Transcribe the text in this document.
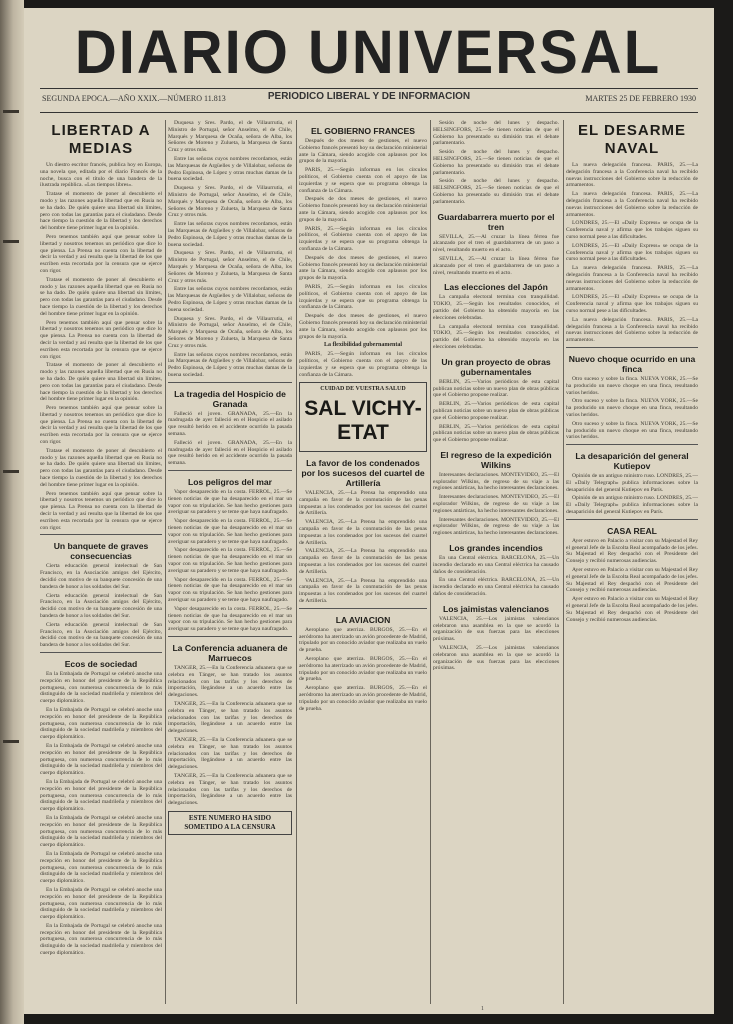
DIARIO UNIVERSAL
SEGUNDA EPOCA.—AÑO XXIX.—NÚMERO 11.813	PERIODICO LIBERAL Y DE INFORMACION	MARTES 25 DE FEBRERO 1930
LIBERTAD A MEDIAS

Un diestro escritor francés, publica hoy en Europa, una novela que, editada por el diario Francés de la noche, busca con el título de una bandera de la ilustrada república. «Los tiempos libres».

Tratase el momento de poner al descubierto el modo y las razones aquella libertad que en Rusia no se ha dado. De quién quiere una libertad sin límites, pero con todas las garantías para el ciudadano. Desde hace tiempo la cuestión de la libertad y los derechos del hombre tiene primer lugar en la opinión.

Pero tenemos también aquí que pensar sobre la libertad y nosotros tenemos un periódico que dice lo que piensa. La Prensa no cuenta con la libertad de decir la verdad y así resulta que la libertad de los que escriben esta recortada por la censura que se ejerce con rigor.

Tratase el momento de poner al descubierto el modo y las razones aquella libertad que en Rusia no se ha dado. De quién quiere una libertad sin límites, pero con todas las garantías para el ciudadano. Desde hace tiempo la cuestión de la libertad y los derechos del hombre tiene primer lugar en la opinión.

Pero tenemos también aquí que pensar sobre la libertad y nosotros tenemos un periódico que dice lo que piensa. La Prensa no cuenta con la libertad de decir la verdad y así resulta que la libertad de los que escriben esta recortada por la censura que se ejerce con rigor.

Tratase el momento de poner al descubierto el modo y las razones aquella libertad que en Rusia no se ha dado. De quién quiere una libertad sin límites, pero con todas las garantías para el ciudadano. Desde hace tiempo la cuestión de la libertad y los derechos del hombre tiene primer lugar en la opinión.

Pero tenemos también aquí que pensar sobre la libertad y nosotros tenemos un periódico que dice lo que piensa. La Prensa no cuenta con la libertad de decir la verdad y así resulta que la libertad de los que escriben esta recortada por la censura que se ejerce con rigor.

Tratase el momento de poner al descubierto el modo y las razones aquella libertad que en Rusia no se ha dado. De quién quiere una libertad sin límites, pero con todas las garantías para el ciudadano. Desde hace tiempo la cuestión de la libertad y los derechos del hombre tiene primer lugar en la opinión.

Pero tenemos también aquí que pensar sobre la libertad y nosotros tenemos un periódico que dice lo que piensa. La Prensa no cuenta con la libertad de decir la verdad y así resulta que la libertad de los que escriben esta recortada por la censura que se ejerce con rigor.

Un banquete de graves consecuencias

Cierta educación general intelectual de San Francisco, en la Asociación amigos del Ejército, decidió con motivo de su banquete concesión de una bandera de honor a los soldados del Sur.

Cierta educación general intelectual de San Francisco, en la Asociación amigos del Ejército, decidió con motivo de su banquete concesión de una bandera de honor a los soldados del Sur.

Cierta educación general intelectual de San Francisco, en la Asociación amigos del Ejército, decidió con motivo de su banquete concesión de una bandera de honor a los soldados del Sur.

Ecos de sociedad

En la Embajada de Portugal se celebró anoche una recepción en honor del presidente de la República portuguesa, con numerosa concurrencia de lo más distinguido de la sociedad madrileña y miembros del cuerpo diplomático.

En la Embajada de Portugal se celebró anoche una recepción en honor del presidente de la República portuguesa, con numerosa concurrencia de lo más distinguido de la sociedad madrileña y miembros del cuerpo diplomático.

En la Embajada de Portugal se celebró anoche una recepción en honor del presidente de la República portuguesa, con numerosa concurrencia de lo más distinguido de la sociedad madrileña y miembros del cuerpo diplomático.

En la Embajada de Portugal se celebró anoche una recepción en honor del presidente de la República portuguesa, con numerosa concurrencia de lo más distinguido de la sociedad madrileña y miembros del cuerpo diplomático.

En la Embajada de Portugal se celebró anoche una recepción en honor del presidente de la República portuguesa, con numerosa concurrencia de lo más distinguido de la sociedad madrileña y miembros del cuerpo diplomático.

En la Embajada de Portugal se celebró anoche una recepción en honor del presidente de la República portuguesa, con numerosa concurrencia de lo más distinguido de la sociedad madrileña y miembros del cuerpo diplomático.

En la Embajada de Portugal se celebró anoche una recepción en honor del presidente de la República portuguesa, con numerosa concurrencia de lo más distinguido de la sociedad madrileña y miembros del cuerpo diplomático.

En la Embajada de Portugal se celebró anoche una recepción en honor del presidente de la República portuguesa, con numerosa concurrencia de lo más distinguido de la sociedad madrileña y miembros del cuerpo diplomático.

Duquesa y Sres. Pardo, el de Villaurrutia, el Ministro de Portugal, señor Anselmo, el de Chile, Marqués y Marquesa de Ocaña, señora de Alba, los Señores de Moreno y Zulueta, la Marquesa de Santa Cruz y otros más.

Entre las señoras cuyos nombres recordamos, están las Marquesas de Argüelles y de Villalobar, señoras de Pedro Espinosa, de López y otras muchas damas de la buena sociedad.

Duquesa y Sres. Pardo, el de Villaurrutia, el Ministro de Portugal, señor Anselmo, el de Chile, Marqués y Marquesa de Ocaña, señora de Alba, los Señores de Moreno y Zulueta, la Marquesa de Santa Cruz y otros más.

Entre las señoras cuyos nombres recordamos, están las Marquesas de Argüelles y de Villalobar, señoras de Pedro Espinosa, de López y otras muchas damas de la buena sociedad.

Duquesa y Sres. Pardo, el de Villaurrutia, el Ministro de Portugal, señor Anselmo, el de Chile, Marqués y Marquesa de Ocaña, señora de Alba, los Señores de Moreno y Zulueta, la Marquesa de Santa Cruz y otros más.

Entre las señoras cuyos nombres recordamos, están las Marquesas de Argüelles y de Villalobar, señoras de Pedro Espinosa, de López y otras muchas damas de la buena sociedad.

Duquesa y Sres. Pardo, el de Villaurrutia, el Ministro de Portugal, señor Anselmo, el de Chile, Marqués y Marquesa de Ocaña, señora de Alba, los Señores de Moreno y Zulueta, la Marquesa de Santa Cruz y otros más.

Entre las señoras cuyos nombres recordamos, están las Marquesas de Argüelles y de Villalobar, señoras de Pedro Espinosa, de López y otras muchas damas de la buena sociedad.

La tragedia del Hospicio de Granada

Falleció el joven. GRANADA, 25.—En la madrugada de ayer falleció en el Hospicio el asilado que resultó herido en el accidente ocurrido la pasada semana.

Falleció el joven. GRANADA, 25.—En la madrugada de ayer falleció en el Hospicio el asilado que resultó herido en el accidente ocurrido la pasada semana.

Los peligros del mar

Vapor desaparecido en la costa. FERROL, 25.—Se tienen noticias de que ha desaparecido en el mar un vapor con su tripulación. Se han hecho gestiones para averiguar su paradero y se teme que haya naufragado.

Vapor desaparecido en la costa. FERROL, 25.—Se tienen noticias de que ha desaparecido en el mar un vapor con su tripulación. Se han hecho gestiones para averiguar su paradero y se teme que haya naufragado.

Vapor desaparecido en la costa. FERROL, 25.—Se tienen noticias de que ha desaparecido en el mar un vapor con su tripulación. Se han hecho gestiones para averiguar su paradero y se teme que haya naufragado.

Vapor desaparecido en la costa. FERROL, 25.—Se tienen noticias de que ha desaparecido en el mar un vapor con su tripulación. Se han hecho gestiones para averiguar su paradero y se teme que haya naufragado.

Vapor desaparecido en la costa. FERROL, 25.—Se tienen noticias de que ha desaparecido en el mar un vapor con su tripulación. Se han hecho gestiones para averiguar su paradero y se teme que haya naufragado.

La Conferencia aduanera de Marruecos

TANGER, 25.—En la Conferencia aduanera que se celebra en Tánger, se han tratado los asuntos relacionados con las tarifas y los derechos de importación, llegándose a un acuerdo entre las delegaciones.

TANGER, 25.—En la Conferencia aduanera que se celebra en Tánger, se han tratado los asuntos relacionados con las tarifas y los derechos de importación, llegándose a un acuerdo entre las delegaciones.

TANGER, 25.—En la Conferencia aduanera que se celebra en Tánger, se han tratado los asuntos relacionados con las tarifas y los derechos de importación, llegándose a un acuerdo entre las delegaciones.

TANGER, 25.—En la Conferencia aduanera que se celebra en Tánger, se han tratado los asuntos relacionados con las tarifas y los derechos de importación, llegándose a un acuerdo entre las delegaciones.

ESTE NUMERO HA SIDO SOMETIDO A LA CENSURA
EL GOBIERNO FRANCES

Después de dos meses de gestiones, el nuevo Gobierno francés presentó hoy su declaración ministerial ante la Cámara, siendo acogido con aplausos por los grupos de la mayoría.

PARIS, 25.—Según informan en los círculos políticos, el Gobierno cuenta con el apoyo de las izquierdas y se espera que su programa obtenga la confianza de la Cámara.

Después de dos meses de gestiones, el nuevo Gobierno francés presentó hoy su declaración ministerial ante la Cámara, siendo acogido con aplausos por los grupos de la mayoría.

PARIS, 25.—Según informan en los círculos políticos, el Gobierno cuenta con el apoyo de las izquierdas y se espera que su programa obtenga la confianza de la Cámara.

Después de dos meses de gestiones, el nuevo Gobierno francés presentó hoy su declaración ministerial ante la Cámara, siendo acogido con aplausos por los grupos de la mayoría.

PARIS, 25.—Según informan en los círculos políticos, el Gobierno cuenta con el apoyo de las izquierdas y se espera que su programa obtenga la confianza de la Cámara.

Después de dos meses de gestiones, el nuevo Gobierno francés presentó hoy su declaración ministerial ante la Cámara, siendo acogido con aplausos por los grupos de la mayoría.

La flexibilidad gubernamental

PARIS, 25.—Según informan en los círculos políticos, el Gobierno cuenta con el apoyo de las izquierdas y se espera que su programa obtenga la confianza de la Cámara.

CUIDAD DE VUESTRA SALUD
SAL VICHY-ETAT
La favor de los condenados por los sucesos del cuartel de Artillería

VALENCIA, 25.—La Prensa ha emprendido una campaña en favor de la conmutación de las penas impuestas a los condenados por los sucesos del cuartel de Artillería.

VALENCIA, 25.—La Prensa ha emprendido una campaña en favor de la conmutación de las penas impuestas a los condenados por los sucesos del cuartel de Artillería.

VALENCIA, 25.—La Prensa ha emprendido una campaña en favor de la conmutación de las penas impuestas a los condenados por los sucesos del cuartel de Artillería.

VALENCIA, 25.—La Prensa ha emprendido una campaña en favor de la conmutación de las penas impuestas a los condenados por los sucesos del cuartel de Artillería.

LA AVIACION

Aeroplano que aterriza. BURGOS, 25.—En el aeródromo ha aterrizado un avión procedente de Madrid, tripulado por un conocido aviador que realizaba un vuelo de prueba.

Aeroplano que aterriza. BURGOS, 25.—En el aeródromo ha aterrizado un avión procedente de Madrid, tripulado por un conocido aviador que realizaba un vuelo de prueba.

Aeroplano que aterriza. BURGOS, 25.—En el aeródromo ha aterrizado un avión procedente de Madrid, tripulado por un conocido aviador que realizaba un vuelo de prueba.

Sesión de noche del lunes y despacho. HELSINGFORS, 25.—Se tienen noticias de que el Gobierno ha presentado su dimisión tras el debate parlamentario.

Sesión de noche del lunes y despacho. HELSINGFORS, 25.—Se tienen noticias de que el Gobierno ha presentado su dimisión tras el debate parlamentario.

Sesión de noche del lunes y despacho. HELSINGFORS, 25.—Se tienen noticias de que el Gobierno ha presentado su dimisión tras el debate parlamentario.

Guardabarrera muerto por el tren

SEVILLA, 25.—Al cruzar la línea férrea fue alcanzado por el tren el guardabarrera de un paso a nivel, resultando muerto en el acto.

SEVILLA, 25.—Al cruzar la línea férrea fue alcanzado por el tren el guardabarrera de un paso a nivel, resultando muerto en el acto.

Las elecciones del Japón

La campaña electoral termina con tranquilidad. TOKIO, 25.—Según los resultados conocidos, el partido del Gobierno ha obtenido mayoría en las elecciones celebradas.

La campaña electoral termina con tranquilidad. TOKIO, 25.—Según los resultados conocidos, el partido del Gobierno ha obtenido mayoría en las elecciones celebradas.

Un gran proyecto de obras gubernamentales

BERLIN, 25.—Varios periódicos de esta capital publican noticias sobre un nuevo plan de obras públicas que el Gobierno propone realizar.

BERLIN, 25.—Varios periódicos de esta capital publican noticias sobre un nuevo plan de obras públicas que el Gobierno propone realizar.

BERLIN, 25.—Varios periódicos de esta capital publican noticias sobre un nuevo plan de obras públicas que el Gobierno propone realizar.

El regreso de la expedición Wilkins

Interesantes declaraciones. MONTEVIDEO, 25.—El explorador Wilkins, de regreso de su viaje a las regiones antárticas, ha hecho interesantes declaraciones.

Interesantes declaraciones. MONTEVIDEO, 25.—El explorador Wilkins, de regreso de su viaje a las regiones antárticas, ha hecho interesantes declaraciones.

Interesantes declaraciones. MONTEVIDEO, 25.—El explorador Wilkins, de regreso de su viaje a las regiones antárticas, ha hecho interesantes declaraciones.

Los grandes incendios

En una Central eléctrica. BARCELONA, 25.—Un incendio declarado en una Central eléctrica ha causado daños de consideración.

En una Central eléctrica. BARCELONA, 25.—Un incendio declarado en una Central eléctrica ha causado daños de consideración.

Los jaimistas valencianos

VALENCIA, 25.—Los jaimistas valencianos celebraron una asamblea en la que se acordó la organización de sus fuerzas para las elecciones próximas.

VALENCIA, 25.—Los jaimistas valencianos celebraron una asamblea en la que se acordó la organización de sus fuerzas para las elecciones próximas.

EL DESARME NAVAL

La nueva delegación francesa. PARIS, 25.—La delegación francesa a la Conferencia naval ha recibido nuevas instrucciones del Gobierno sobre la reducción de armamentos.

La nueva delegación francesa. PARIS, 25.—La delegación francesa a la Conferencia naval ha recibido nuevas instrucciones del Gobierno sobre la reducción de armamentos.

LONDRES, 25.—El «Daily Express» se ocupa de la Conferencia naval y afirma que los trabajos siguen su curso normal pese a las dificultades.

LONDRES, 25.—El «Daily Express» se ocupa de la Conferencia naval y afirma que los trabajos siguen su curso normal pese a las dificultades.

La nueva delegación francesa. PARIS, 25.—La delegación francesa a la Conferencia naval ha recibido nuevas instrucciones del Gobierno sobre la reducción de armamentos.

LONDRES, 25.—El «Daily Express» se ocupa de la Conferencia naval y afirma que los trabajos siguen su curso normal pese a las dificultades.

La nueva delegación francesa. PARIS, 25.—La delegación francesa a la Conferencia naval ha recibido nuevas instrucciones del Gobierno sobre la reducción de armamentos.

Nuevo choque ocurrido en una finca

Otro suceso y sobre la finca. NUEVA YORK, 25.—Se ha producido un nuevo choque en una finca, resultando varios heridos.

Otro suceso y sobre la finca. NUEVA YORK, 25.—Se ha producido un nuevo choque en una finca, resultando varios heridos.

Otro suceso y sobre la finca. NUEVA YORK, 25.—Se ha producido un nuevo choque en una finca, resultando varios heridos.

La desaparición del general Kutiepov

Opinión de un antiguo ministro ruso. LONDRES, 25.—El «Daily Telegraph» publica informaciones sobre la desaparición del general Kutiepov en París.

Opinión de un antiguo ministro ruso. LONDRES, 25.—El «Daily Telegraph» publica informaciones sobre la desaparición del general Kutiepov en París.

CASA REAL

Ayer estuvo en Palacio a visitar con su Majestad el Rey el general Jefe de la Escolta Real acompañado de los jefes. Su Majestad el Rey despachó con el Presidente del Consejo y recibió numerosas audiencias.

Ayer estuvo en Palacio a visitar con su Majestad el Rey el general Jefe de la Escolta Real acompañado de los jefes. Su Majestad el Rey despachó con el Presidente del Consejo y recibió numerosas audiencias.

Ayer estuvo en Palacio a visitar con su Majestad el Rey el general Jefe de la Escolta Real acompañado de los jefes. Su Majestad el Rey despachó con el Presidente del Consejo y recibió numerosas audiencias.

1
